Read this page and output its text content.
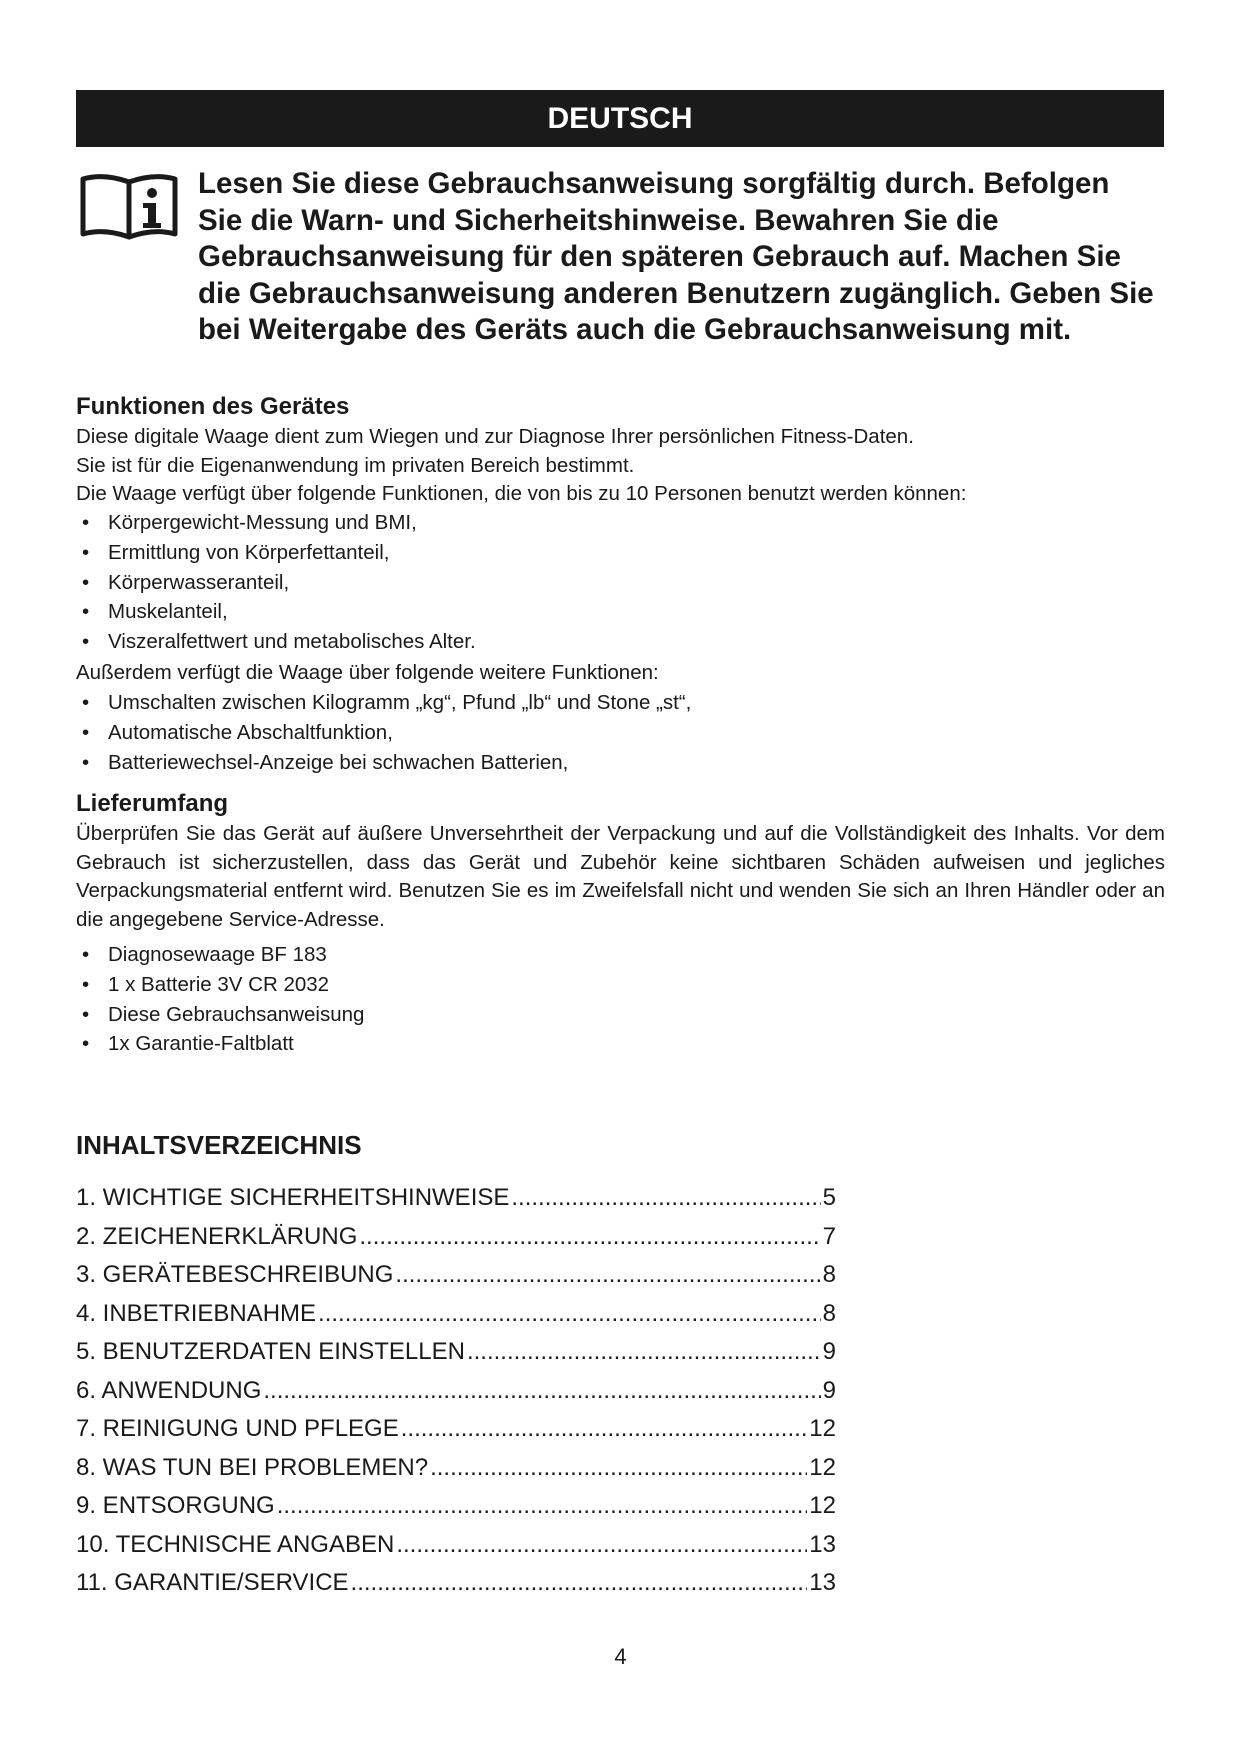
DEUTSCH

Lesen Sie diese Gebrauchsanweisung sorgfältig durch. Befolgen Sie die Warn- und Sicherheitshinweise. Bewahren Sie die Gebrauchsanweisung für den späteren Gebrauch auf. Machen Sie die Gebrauchsanweisung anderen Benutzern zugänglich. Geben Sie bei Weitergabe des Geräts auch die Gebrauchsanweisung mit.

Funktionen des Gerätes

Diese digitale Waage dient zum Wiegen und zur Diagnose Ihrer persönlichen Fitness-Daten.
Sie ist für die Eigenanwendung im privaten Bereich bestimmt.
Die Waage verfügt über folgende Funktionen, die von bis zu 10 Personen benutzt werden können:

• Körpergewicht-Messung und BMI,
• Ermittlung von Körperfettanteil,
• Körperwasseranteil,
• Muskelanteil,
• Viszeralfettwert und metabolisches Alter.

Außerdem verfügt die Waage über folgende weitere Funktionen:

• Umschalten zwischen Kilogramm „kg“, Pfund „lb“ und Stone „st“,
• Automatische Abschaltfunktion,
• Batteriewechsel-Anzeige bei schwachen Batterien,
Lieferumfang

Überprüfen Sie das Gerät auf äußere Unversehrtheit der Verpackung und auf die Vollständigkeit des Inhalts. Vor dem Gebrauch ist sicherzustellen, dass das Gerät und Zubehör keine sichtbaren Schäden aufweisen und jegliches Verpackungsmaterial entfernt wird. Benutzen Sie es im Zweifelsfall nicht und wenden Sie sich an Ihren Händler oder an die angegebene Service-Adresse.

• Diagnosewaage BF 183
• 1 x Batterie 3V CR 2032
• Diese Gebrauchsanweisung
• 1x Garantie-Faltblatt
INHALTSVERZEICHNIS
1. WICHTIGE SICHERHEITSHINWEISE .....	5
2. ZEICHENERKLÄRUNG .....	7
3. GERÄTEBESCHREIBUNG .....	8
4. INBETRIEBNAHME .....	8
5. BENUTZERDATEN EINSTELLEN .....	9
6. ANWENDUNG .....	9
7. REINIGUNG UND PFLEGE .....	12
8. WAS TUN BEI PROBLEMEN? .....	12
9. ENTSORGUNG .....	12
10. TECHNISCHE ANGABEN .....	13
11. GARANTIE/SERVICE .....	13
4
